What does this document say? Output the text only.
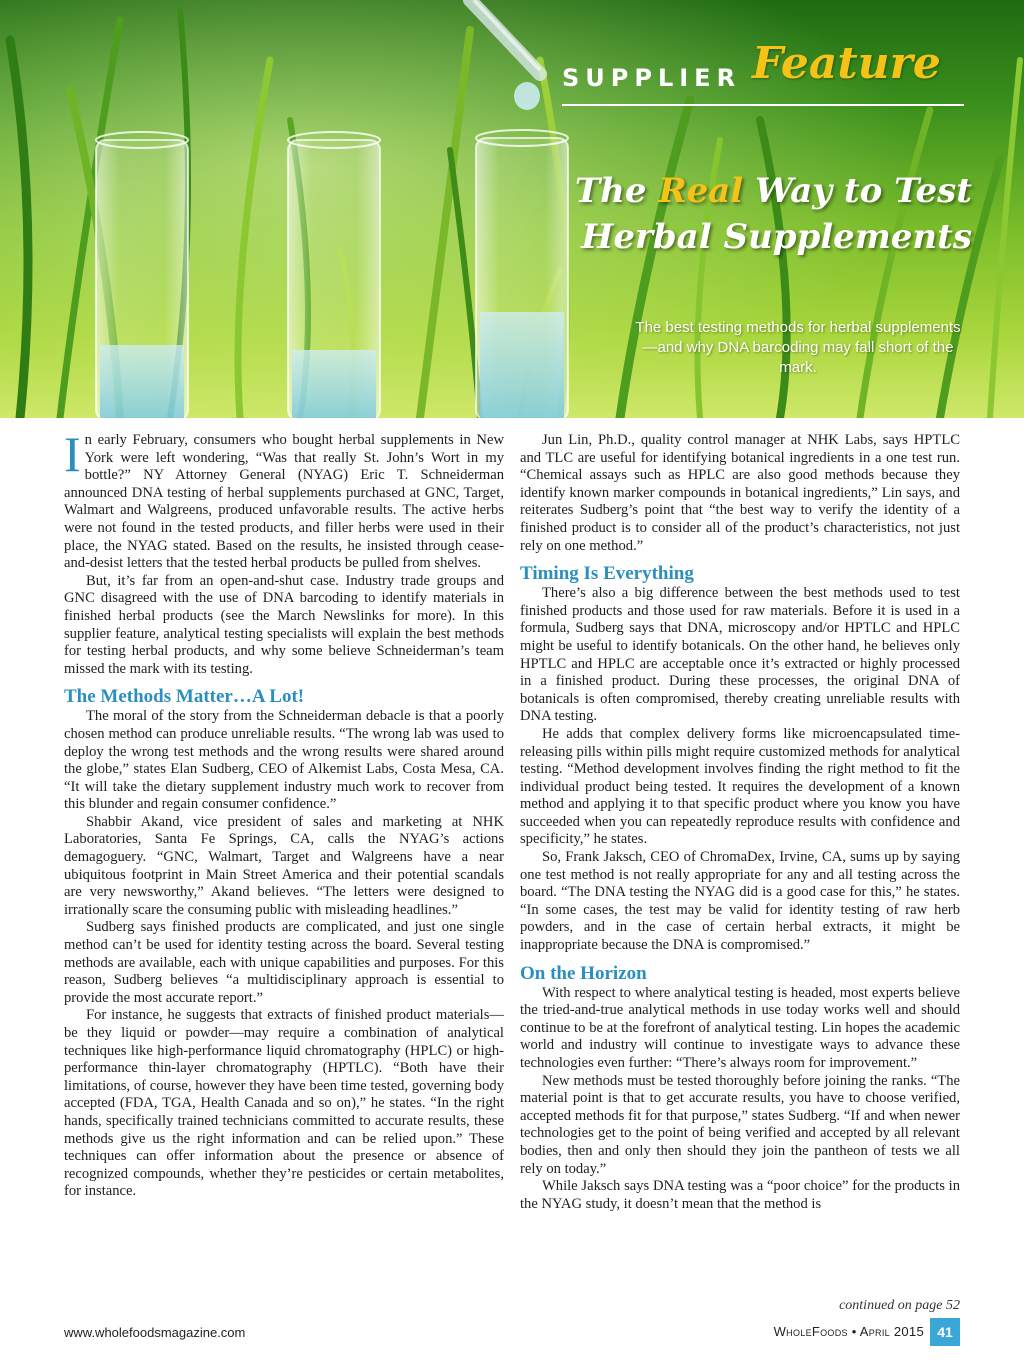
SUPPLIER Feature
The Real Way to Test
Herbal Supplements
The best testing methods for herbal supplements—and why DNA barcoding may fall short of the mark.

In early February, consumers who bought herbal supplements in New York were left wondering, “Was that really St. John’s Wort in my bottle?” NY Attorney General (NYAG) Eric T. Schneiderman announced DNA testing of herbal supplements purchased at GNC, Target, Walmart and Walgreens, produced unfavorable results. The active herbs were not found in the tested products, and filler herbs were used in their place, the NYAG stated. Based on the results, he insisted through cease-and-desist letters that the tested herbal products be pulled from shelves.

But, it’s far from an open-and-shut case. Industry trade groups and GNC disagreed with the use of DNA barcoding to identify materials in finished herbal products (see the March Newslinks for more). In this supplier feature, analytical testing specialists will explain the best methods for testing herbal products, and why some believe Schneiderman’s team missed the mark with its testing.

The Methods Matter…A Lot!

The moral of the story from the Schneiderman debacle is that a poorly chosen method can produce unreliable results. “The wrong lab was used to deploy the wrong test methods and the wrong results were shared around the globe,” states Elan Sudberg, CEO of Alkemist Labs, Costa Mesa, CA. “It will take the dietary supplement industry much work to recover from this blunder and regain consumer confidence.”

Shabbir Akand, vice president of sales and marketing at NHK Laboratories, Santa Fe Springs, CA, calls the NYAG’s actions demagoguery. “GNC, Walmart, Target and Walgreens have a near ubiquitous footprint in Main Street America and their potential scandals are very newsworthy,” Akand believes. “The letters were designed to irrationally scare the consuming public with misleading headlines.”

Sudberg says finished products are complicated, and just one single method can’t be used for identity testing across the board. Several testing methods are available, each with unique capabilities and purposes. For this reason, Sudberg believes “a multidisciplinary approach is essential to provide the most accurate report.”

For instance, he suggests that extracts of finished product materials—be they liquid or powder—may require a combination of analytical techniques like high-performance liquid chromatography (HPLC) or high-performance thin-layer chromatography (HPTLC). “Both have their limitations, of course, however they have been time tested, governing body accepted (FDA, TGA, Health Canada and so on),” he states. “In the right hands, specifically trained technicians committed to accurate results, these methods give us the right information and can be relied upon.” These techniques can offer information about the presence or absence of recognized compounds, whether they’re pesticides or certain metabolites, for instance.

Jun Lin, Ph.D., quality control manager at NHK Labs, says HPTLC and TLC are useful for identifying botanical ingredients in a one test run. “Chemical assays such as HPLC are also good methods because they identify known marker compounds in botanical ingredients,” Lin says, and reiterates Sudberg’s point that “the best way to verify the identity of a finished product is to consider all of the product’s characteristics, not just rely on one method.”

Timing Is Everything

There’s also a big difference between the best methods used to test finished products and those used for raw materials. Before it is used in a formula, Sudberg says that DNA, microscopy and/or HPTLC and HPLC might be useful to identify botanicals. On the other hand, he believes only HPTLC and HPLC are acceptable once it’s extracted or highly processed in a finished product. During these processes, the original DNA of botanicals is often compromised, thereby creating unreliable results with DNA testing.

He adds that complex delivery forms like microencapsulated time-releasing pills within pills might require customized methods for analytical testing. “Method development involves finding the right method to fit the individual product being tested. It requires the development of a known method and applying it to that specific product where you know you have succeeded when you can repeatedly reproduce results with confidence and specificity,” he states.

So, Frank Jaksch, CEO of ChromaDex, Irvine, CA, sums up by saying one test method is not really appropriate for any and all testing across the board. “The DNA testing the NYAG did is a good case for this,” he states. “In some cases, the test may be valid for identity testing of raw herb powders, and in the case of certain herbal extracts, it might be inappropriate because the DNA is compromised.”

On the Horizon

With respect to where analytical testing is headed, most experts believe the tried-and-true analytical methods in use today works well and should continue to be at the forefront of analytical testing. Lin hopes the academic world and industry will continue to investigate ways to advance these technologies even further: “There’s always room for improvement.”

New methods must be tested thoroughly before joining the ranks. “The material point is that to get accurate results, you have to choose verified, accepted methods fit for that purpose,” states Sudberg. “If and when newer technologies get to the point of being verified and accepted by all relevant bodies, then and only then should they join the pantheon of tests we all rely on today.”

While Jaksch says DNA testing was a “poor choice” for the products in the NYAG study, it doesn’t mean that the method is

continued on page 52
www.wholefoodsmagazine.com	WholeFoods • April 2015 41
